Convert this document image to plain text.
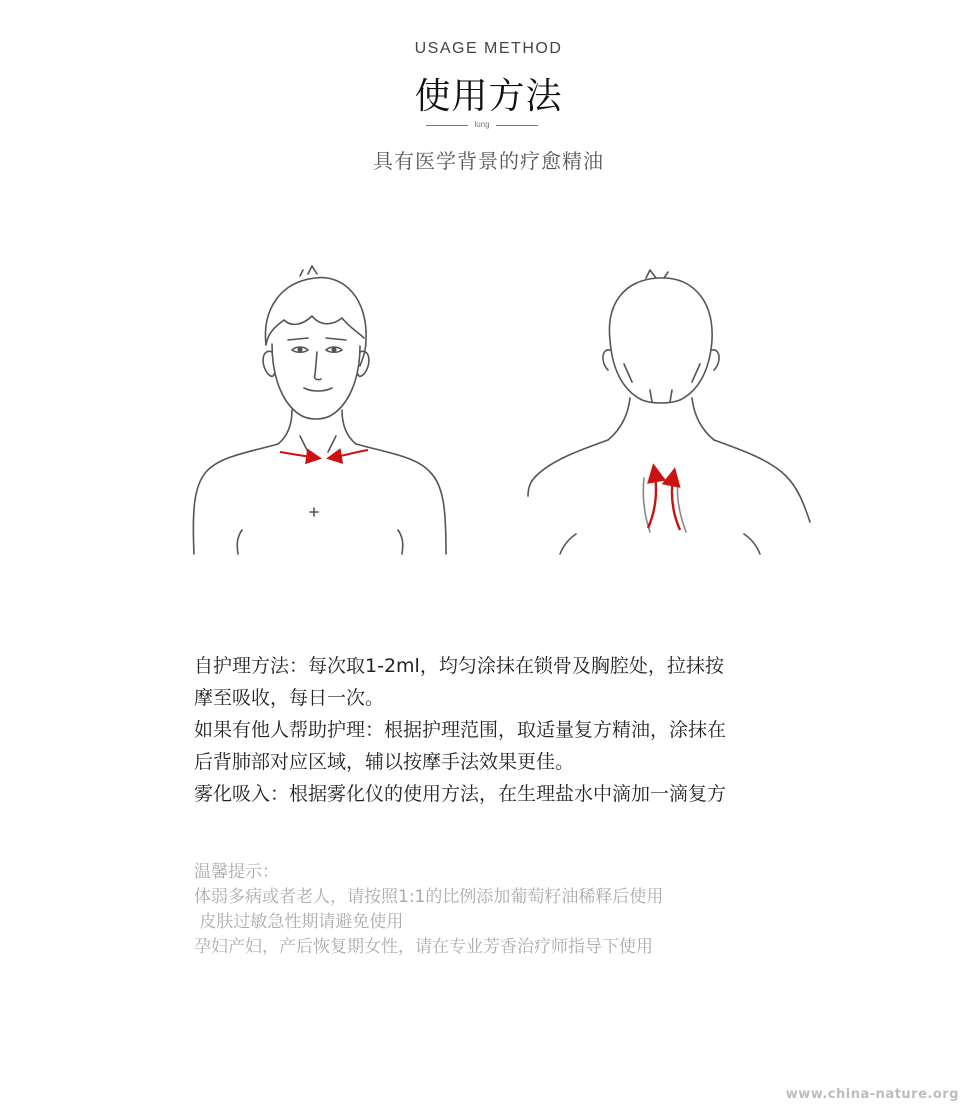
USAGE METHOD
使用方法
lung
具有医学背景的疗愈精油

自护理方法：每次取1-2ml，均匀涂抹在锁骨及胸腔处，拉抹按

摩至吸收，每日一次。

如果有他人帮助护理：根据护理范围，取适量复方精油，涂抹在

后背肺部对应区域，辅以按摩手法效果更佳。

雾化吸入：根据雾化仪的使用方法，在生理盐水中滴加一滴复方

温馨提示：

体弱多病或者老人，请按照1:1的比例添加葡萄籽油稀释后使用

皮肤过敏急性期请避免使用

孕妇产妇，产后恢复期女性，请在专业芳香治疗师指导下使用

www.china-nature.org
